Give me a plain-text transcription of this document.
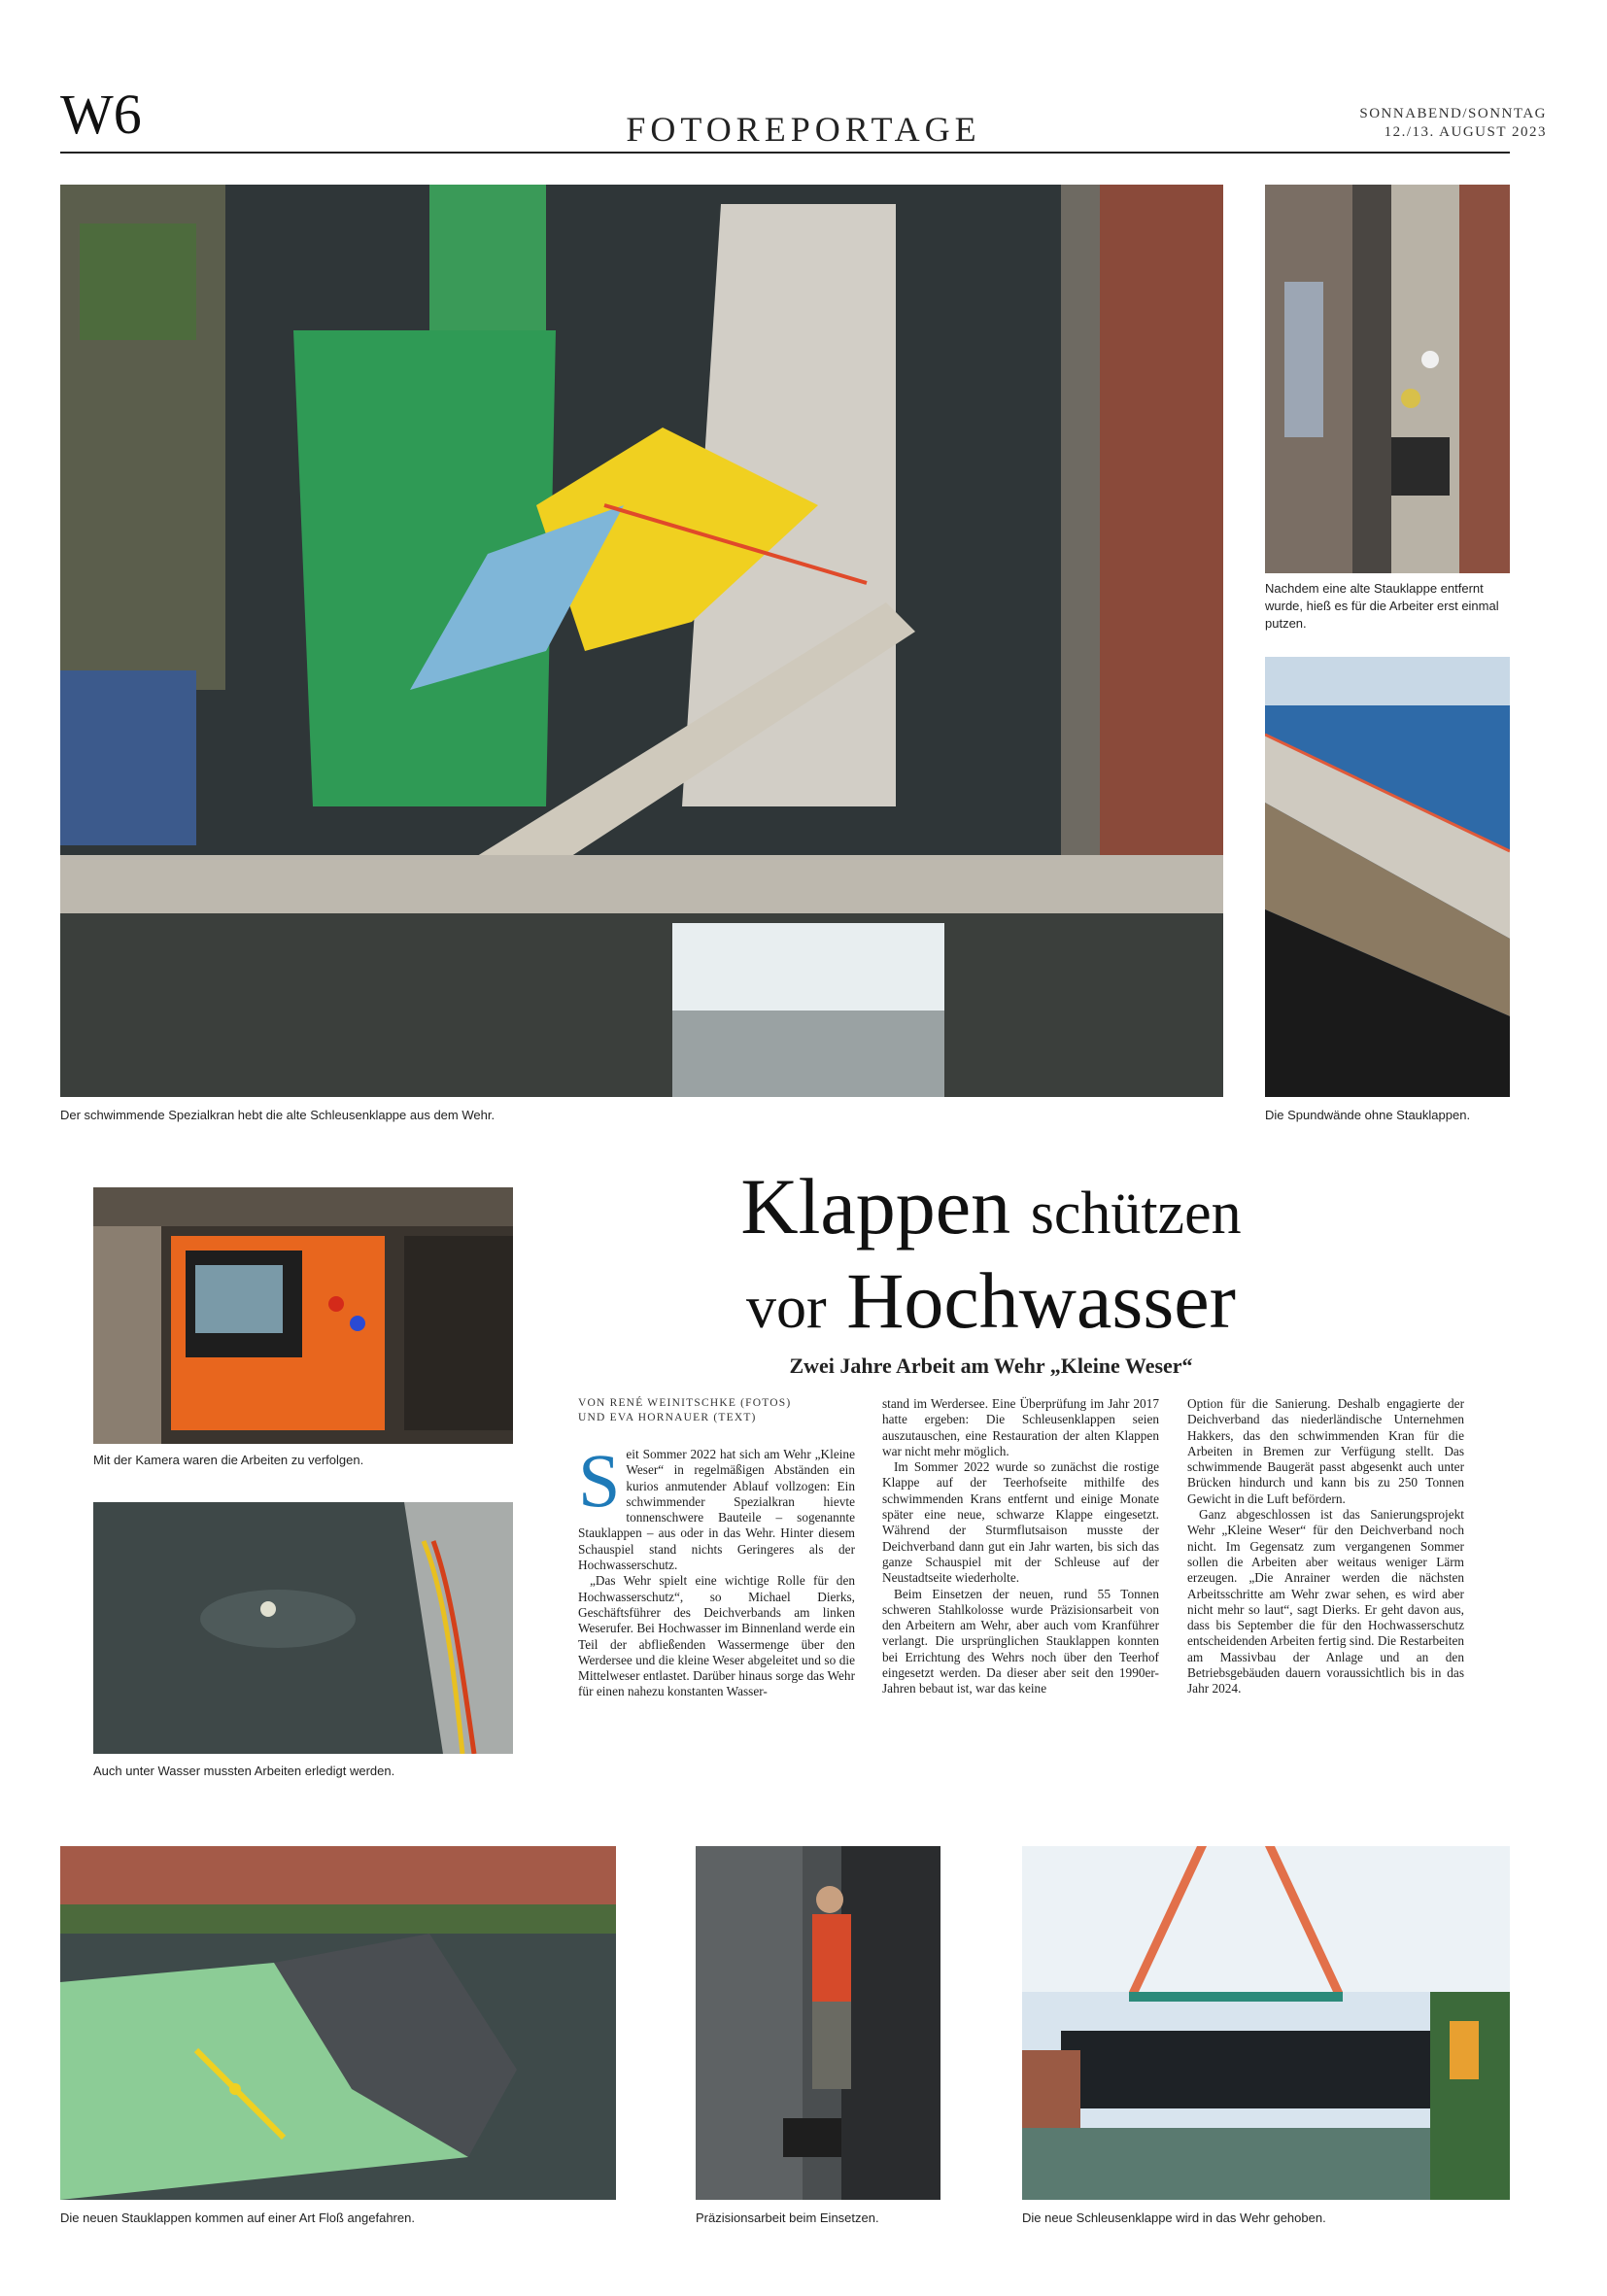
W6	FOTOREPORTAGE	SONNABEND/SONNTAG
12./13. AUGUST 2023
Der schwimmende Spezialkran hebt die alte Schleusenklappe aus dem Wehr.
Nachdem eine alte Stauklappe entfernt wurde, hieß es für die Arbeiter erst einmal putzen.
Die Spundwände ohne Stauklappen.
Mit der Kamera waren die Arbeiten zu verfolgen.
Auch unter Wasser mussten Arbeiten erledigt werden.
Klappen schützen
vor Hochwasser
Zwei Jahre Arbeit am Wehr „Kleine Weser“
VON RENÉ WEINITSCHKE (FOTOS)
UND EVA HORNAUER (TEXT)

Seit Sommer 2022 hat sich am Wehr „Kleine Weser“ in regelmäßigen Abständen ein kurios anmutender Ablauf vollzogen: Ein schwimmender Spezialkran hievte tonnenschwere Bauteile – sogenannte Stauklappen – aus oder in das Wehr. Hinter diesem Schauspiel stand nichts Geringeres als der Hochwasserschutz.

„Das Wehr spielt eine wichtige Rolle für den Hochwasserschutz“, so Michael Dierks, Geschäftsführer des Deichverbands am linken Weserufer. Bei Hochwasser im Binnenland werde ein Teil der abfließenden Wassermenge über den Werdersee und die kleine Weser abgeleitet und so die Mittelweser entlastet. Darüber hinaus sorge das Wehr für einen nahezu konstanten Wasser-

stand im Werdersee. Eine Überprüfung im Jahr 2017 hatte ergeben: Die Schleusenklappen seien auszutauschen, eine Restauration der alten Klappen war nicht mehr möglich.

Im Sommer 2022 wurde so zunächst die rostige Klappe auf der Teerhofseite mithilfe des schwimmenden Krans entfernt und einige Monate später eine neue, schwarze Klappe eingesetzt. Während der Sturmflutsaison musste der Deichverband dann gut ein Jahr warten, bis sich das ganze Schauspiel mit der Schleuse auf der Neustadtseite wiederholte.

Beim Einsetzen der neuen, rund 55 Tonnen schweren Stahlkolosse wurde Präzisionsarbeit von den Arbeitern am Wehr, aber auch vom Kranführer verlangt. Die ursprünglichen Stauklappen konnten bei Errichtung des Wehrs noch über den Teerhof eingesetzt werden. Da dieser aber seit den 1990er-Jahren bebaut ist, war das keine

Option für die Sanierung. Deshalb engagierte der Deichverband das niederländische Unternehmen Hakkers, das den schwimmenden Kran für die Arbeiten in Bremen zur Verfügung stellt. Das schwimmende Baugerät passt abgesenkt auch unter Brücken hindurch und kann bis zu 250 Tonnen Gewicht in die Luft befördern.

Ganz abgeschlossen ist das Sanierungsprojekt Wehr „Kleine Weser“ für den Deichverband noch nicht. Im Gegensatz zum vergangenen Sommer sollen die Arbeiten aber weitaus weniger Lärm erzeugen. „Die Anrainer werden die nächsten Arbeitsschritte am Wehr zwar sehen, es wird aber nicht mehr so laut“, sagt Dierks. Er geht davon aus, dass bis September die für den Hochwasserschutz entscheidenden Arbeiten fertig sind. Die Restarbeiten am Massivbau der Anlage und an den Betriebsgebäuden dauern voraussichtlich bis in das Jahr 2024.

Die neuen Stauklappen kommen auf einer Art Floß angefahren.	Präzisionsarbeit beim Einsetzen.	Die neue Schleusenklappe wird in das Wehr gehoben.
